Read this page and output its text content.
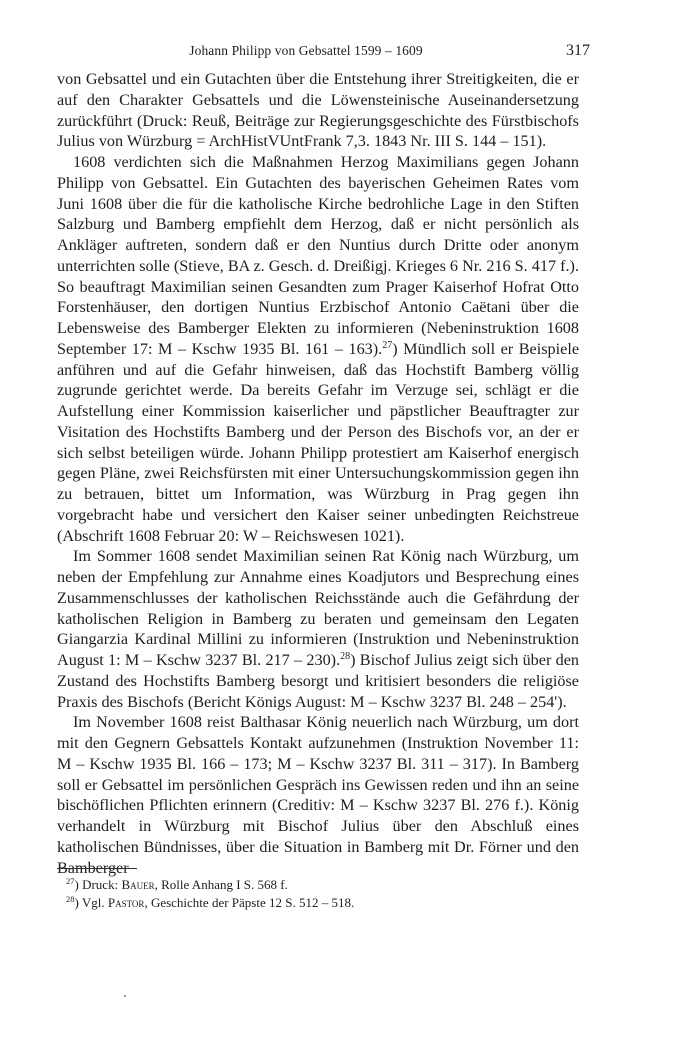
Johann Philipp von Gebsattel 1599 – 1609	317

von Gebsattel und ein Gutachten über die Entstehung ihrer Streitigkeiten, die er auf den Charakter Gebsattels und die Löwensteinische Auseinandersetzung zurückführt (Druck: Reuß, Beiträge zur Regierungsgeschichte des Fürstbischofs Julius von Würzburg = ArchHistVUntFrank 7,3. 1843 Nr. III S. 144 – 151).

1608 verdichten sich die Maßnahmen Herzog Maximilians gegen Johann Philipp von Gebsattel. Ein Gutachten des bayerischen Geheimen Rates vom Juni 1608 über die für die katholische Kirche bedrohliche Lage in den Stiften Salzburg und Bamberg empfiehlt dem Herzog, daß er nicht persönlich als Ankläger auftreten, sondern daß er den Nuntius durch Dritte oder anonym unterrichten solle (Stieve, BA z. Gesch. d. Dreißigj. Krieges 6 Nr. 216 S. 417 f.). So beauftragt Maximilian seinen Gesandten zum Prager Kaiserhof Hofrat Otto Forstenhäuser, den dortigen Nuntius Erzbischof Antonio Caëtani über die Lebensweise des Bamberger Elekten zu informieren (Nebeninstruktion 1608 September 17: M – Kschw 1935 Bl. 161 – 163).$^{27}$) Mündlich soll er Beispiele anführen und auf die Gefahr hinweisen, daß das Hochstift Bamberg völlig zugrunde gerichtet werde. Da bereits Gefahr im Verzuge sei, schlägt er die Aufstellung einer Kommission kaiserlicher und päpstlicher Beauftragter zur Visitation des Hochstifts Bamberg und der Person des Bischofs vor, an der er sich selbst beteiligen würde. Johann Philipp protestiert am Kaiserhof energisch gegen Pläne, zwei Reichsfürsten mit einer Untersuchungskommission gegen ihn zu betrauen, bittet um Information, was Würzburg in Prag gegen ihn vorgebracht habe und versichert den Kaiser seiner unbedingten Reichstreue (Abschrift 1608 Februar 20: W – Reichswesen 1021).

Im Sommer 1608 sendet Maximilian seinen Rat König nach Würzburg, um neben der Empfehlung zur Annahme eines Koadjutors und Besprechung eines Zusammenschlusses der katholischen Reichsstände auch die Gefährdung der katholischen Religion in Bamberg zu beraten und gemeinsam den Legaten Giangarzia Kardinal Millini zu informieren (Instruktion und Nebeninstruktion August 1: M – Kschw 3237 Bl. 217 – 230).$^{28}$) Bischof Julius zeigt sich über den Zustand des Hochstifts Bamberg besorgt und kritisiert besonders die religiöse Praxis des Bischofs (Bericht Königs August: M – Kschw 3237 Bl. 248 – 254').

Im November 1608 reist Balthasar König neuerlich nach Würzburg, um dort mit den Gegnern Gebsattels Kontakt aufzunehmen (Instruktion November 11: M – Kschw 1935 Bl. 166 – 173; M – Kschw 3237 Bl. 311 – 317). In Bamberg soll er Gebsattel im persönlichen Gespräch ins Gewissen reden und ihn an seine bischöflichen Pflichten erinnern (Creditiv: M – Kschw 3237 Bl. 276 f.). König verhandelt in Würzburg mit Bischof Julius über den Abschluß eines katholischen Bündnisses, über die Situation in Bamberg mit Dr. Förner und den Bamberger

$^{27}$) Druck: Bauer, Rolle Anhang I S. 568 f.
$^{28}$) Vgl. Pastor, Geschichte der Päpste 12 S. 512 – 518.
